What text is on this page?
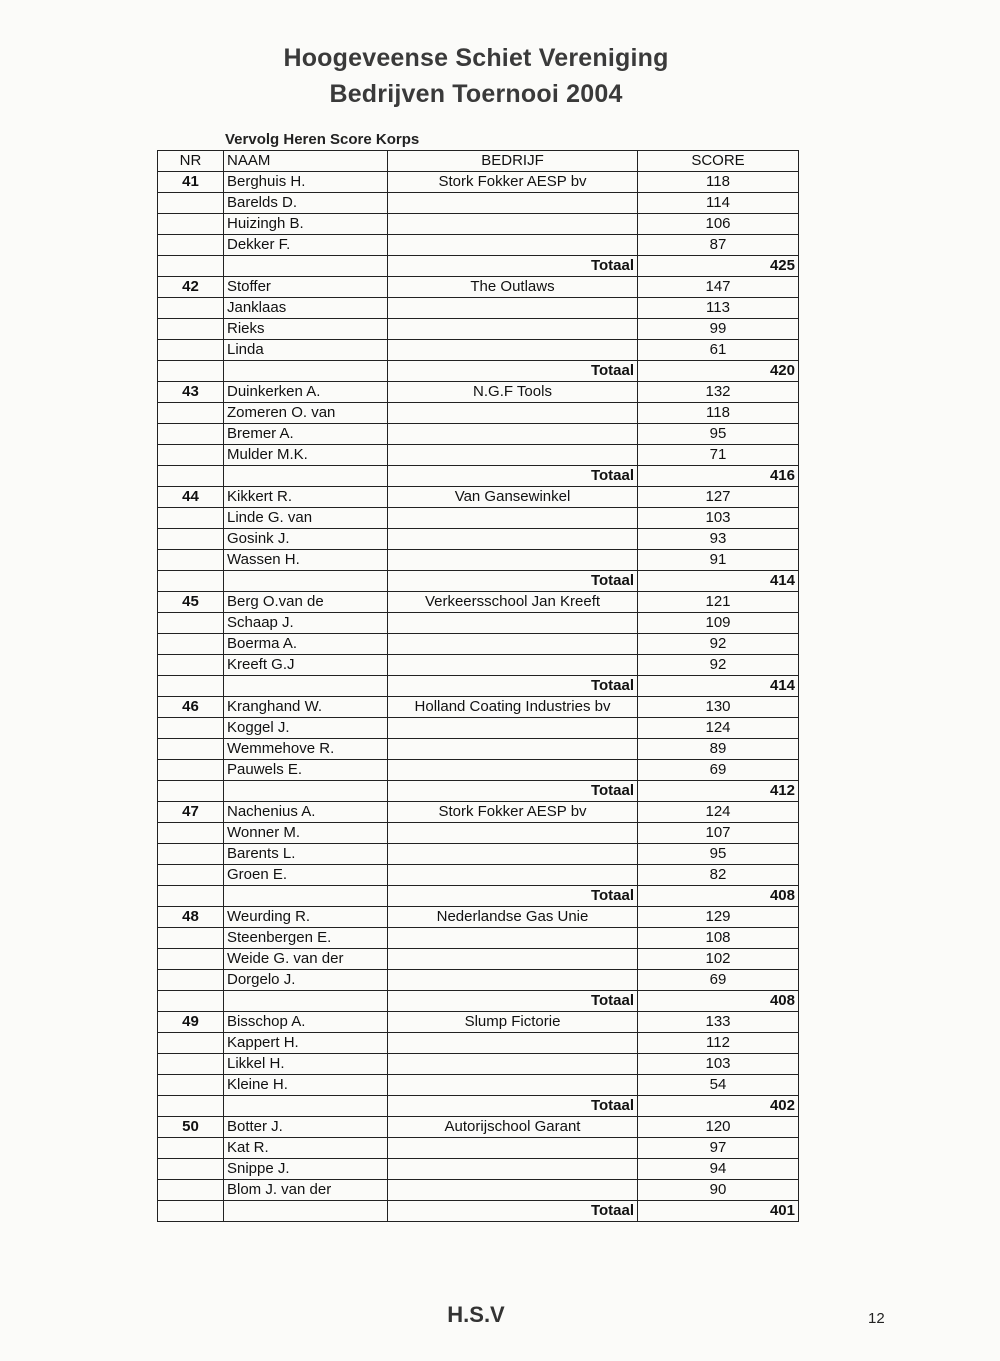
Hoogeveense Schiet Vereniging
Bedrijven Toernooi 2004
Vervolg Heren Score Korps
NR	NAAM	BEDRIJF	SCORE
41	Berghuis H.	Stork Fokker AESP bv	118
	Barelds D.		114
	Huizingh B.		106
	Dekker F.		87
		Totaal	425
42	Stoffer	The Outlaws	147
	Janklaas		113
	Rieks		99
	Linda		61
		Totaal	420
43	Duinkerken A.	N.G.F Tools	132
	Zomeren O. van		118
	Bremer A.		95
	Mulder M.K.		71
		Totaal	416
44	Kikkert R.	Van Gansewinkel	127
	Linde G. van		103
	Gosink J.		93
	Wassen H.		91
		Totaal	414
45	Berg O.van de	Verkeersschool Jan Kreeft	121
	Schaap J.		109
	Boerma A.		92
	Kreeft G.J		92
		Totaal	414
46	Kranghand W.	Holland Coating Industries bv	130
	Koggel J.		124
	Wemmehove R.		89
	Pauwels E.		69
		Totaal	412
47	Nachenius A.	Stork Fokker AESP bv	124
	Wonner M.		107
	Barents L.		95
	Groen E.		82
		Totaal	408
48	Weurding R.	Nederlandse Gas Unie	129
	Steenbergen E.		108
	Weide G. van der		102
	Dorgelo J.		69
		Totaal	408
49	Bisschop A.	Slump Fictorie	133
	Kappert H.		112
	Likkel H.		103
	Kleine H.		54
		Totaal	402
50	Botter J.	Autorijschool Garant	120
	Kat R.		97
	Snippe J.		94
	Blom J. van der		90
		Totaal	401
H.S.V	12
